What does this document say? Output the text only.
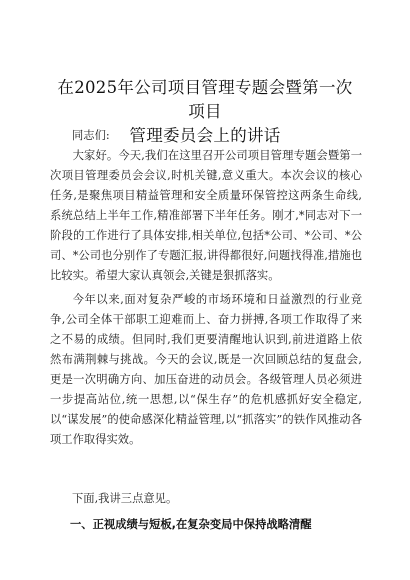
在2025年公司项目管理专题会暨第一次项目
管理委员会上的讲话
同志们:

大家好。今天,我们在这里召开公司项目管理专题会暨第一次项目管理委员会会议,时机关键,意义重大。本次会议的核心任务,是聚焦项目精益管理和安全质量环保管控这两条生命线,系统总结上半年工作,精准部署下半年任务。刚才,*同志对下一阶段的工作进行了具体安排,相关单位,包括*公司、*公司、*公司、*公司也分别作了专题汇报,讲得都很好,问题找得准,措施也比较实。希望大家认真领会,关键是狠抓落实。

今年以来,面对复杂严峻的市场环境和日益激烈的行业竞争,公司全体干部职工迎难而上、奋力拼搏,各项工作取得了来之不易的成绩。但同时,我们更要清醒地认识到,前进道路上依然布满荆棘与挑战。今天的会议,既是一次回顾总结的复盘会,更是一次明确方向、加压奋进的动员会。各级管理人员必须进一步提高站位,统一思想,以“保生存”的危机感抓好安全稳定,以“谋发展”的使命感深化精益管理,以“抓落实”的铁作风推动各项工作取得实效。

下面,我讲三点意见。
一、正视成绩与短板,在复杂变局中保持战略清醒
